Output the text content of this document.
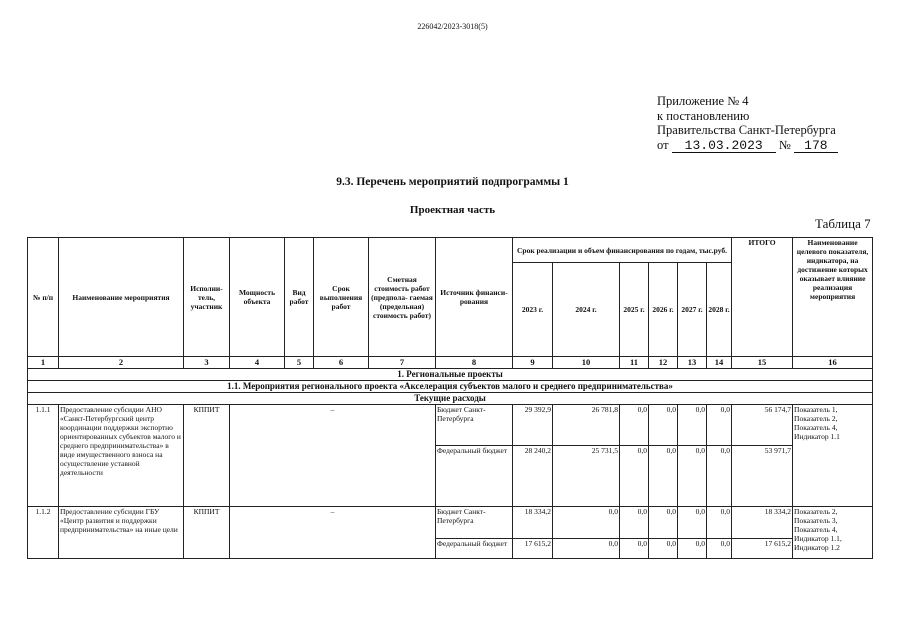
226042/2023-3018(5)
Приложение № 4
к постановлению
Правительства Санкт-Петербурга
от 13.03.2023 № 178
9.3. Перечень мероприятий подпрограммы 1
Проектная часть
Таблица 7
№ п/п	Наименование мероприятия	Исполни- тель, участник	Мощность объекта	Вид работ	Срок выполнения работ	Сметная стоимость работ (предпола- гаемая (предельная) стоимость работ)	Источник финанси- рования	Срок реализации и объем финансирования по годам, тыс.руб.						ИТОГО	Наименование целевого показателя, индикатора, на достижение которых оказывает влияние реализация мероприятия
								2023 г.	2024 г.	2025 г.	2026 г.	2027 г.	2028 г.		
1	2	3	4	5	6	7	8	9	10	11	12	13	14	15	16
1. Региональные проекты															
1.1. Мероприятия регионального проекта «Акселерация субъектов малого и среднего предпринимательства»															
Текущие расходы															
1.1.1	Предоставление субсидии АНО «Санкт-Петербургский центр координации поддержки экспортно ориентированных субъектов малого и среднего предпринимательства» в виде имущественного взноса на осуществление уставной деятельности	КППИТ	–				Бюджет Санкт-Петербурга	29 392,9	26 781,8	0,0	0,0	0,0	0,0	56 174,7	Показатель 1, Показатель 2, Показатель 4, Индикатор 1.1
							Федеральный бюджет	28 240,2	25 731,5	0,0	0,0	0,0	0,0	53 971,7	
1.1.2	Предоставление субсидии ГБУ «Центр развития и поддержки предпринимательства» на иные цели	КППИТ	–				Бюджет Санкт-Петербурга	18 334,2	0,0	0,0	0,0	0,0	0,0	18 334,2	Показатель 2, Показатель 3, Показатель 4, Индикатор 1.1, Индикатор 1.2
							Федеральный бюджет	17 615,2	0,0	0,0	0,0	0,0	0,0	17 615,2	
